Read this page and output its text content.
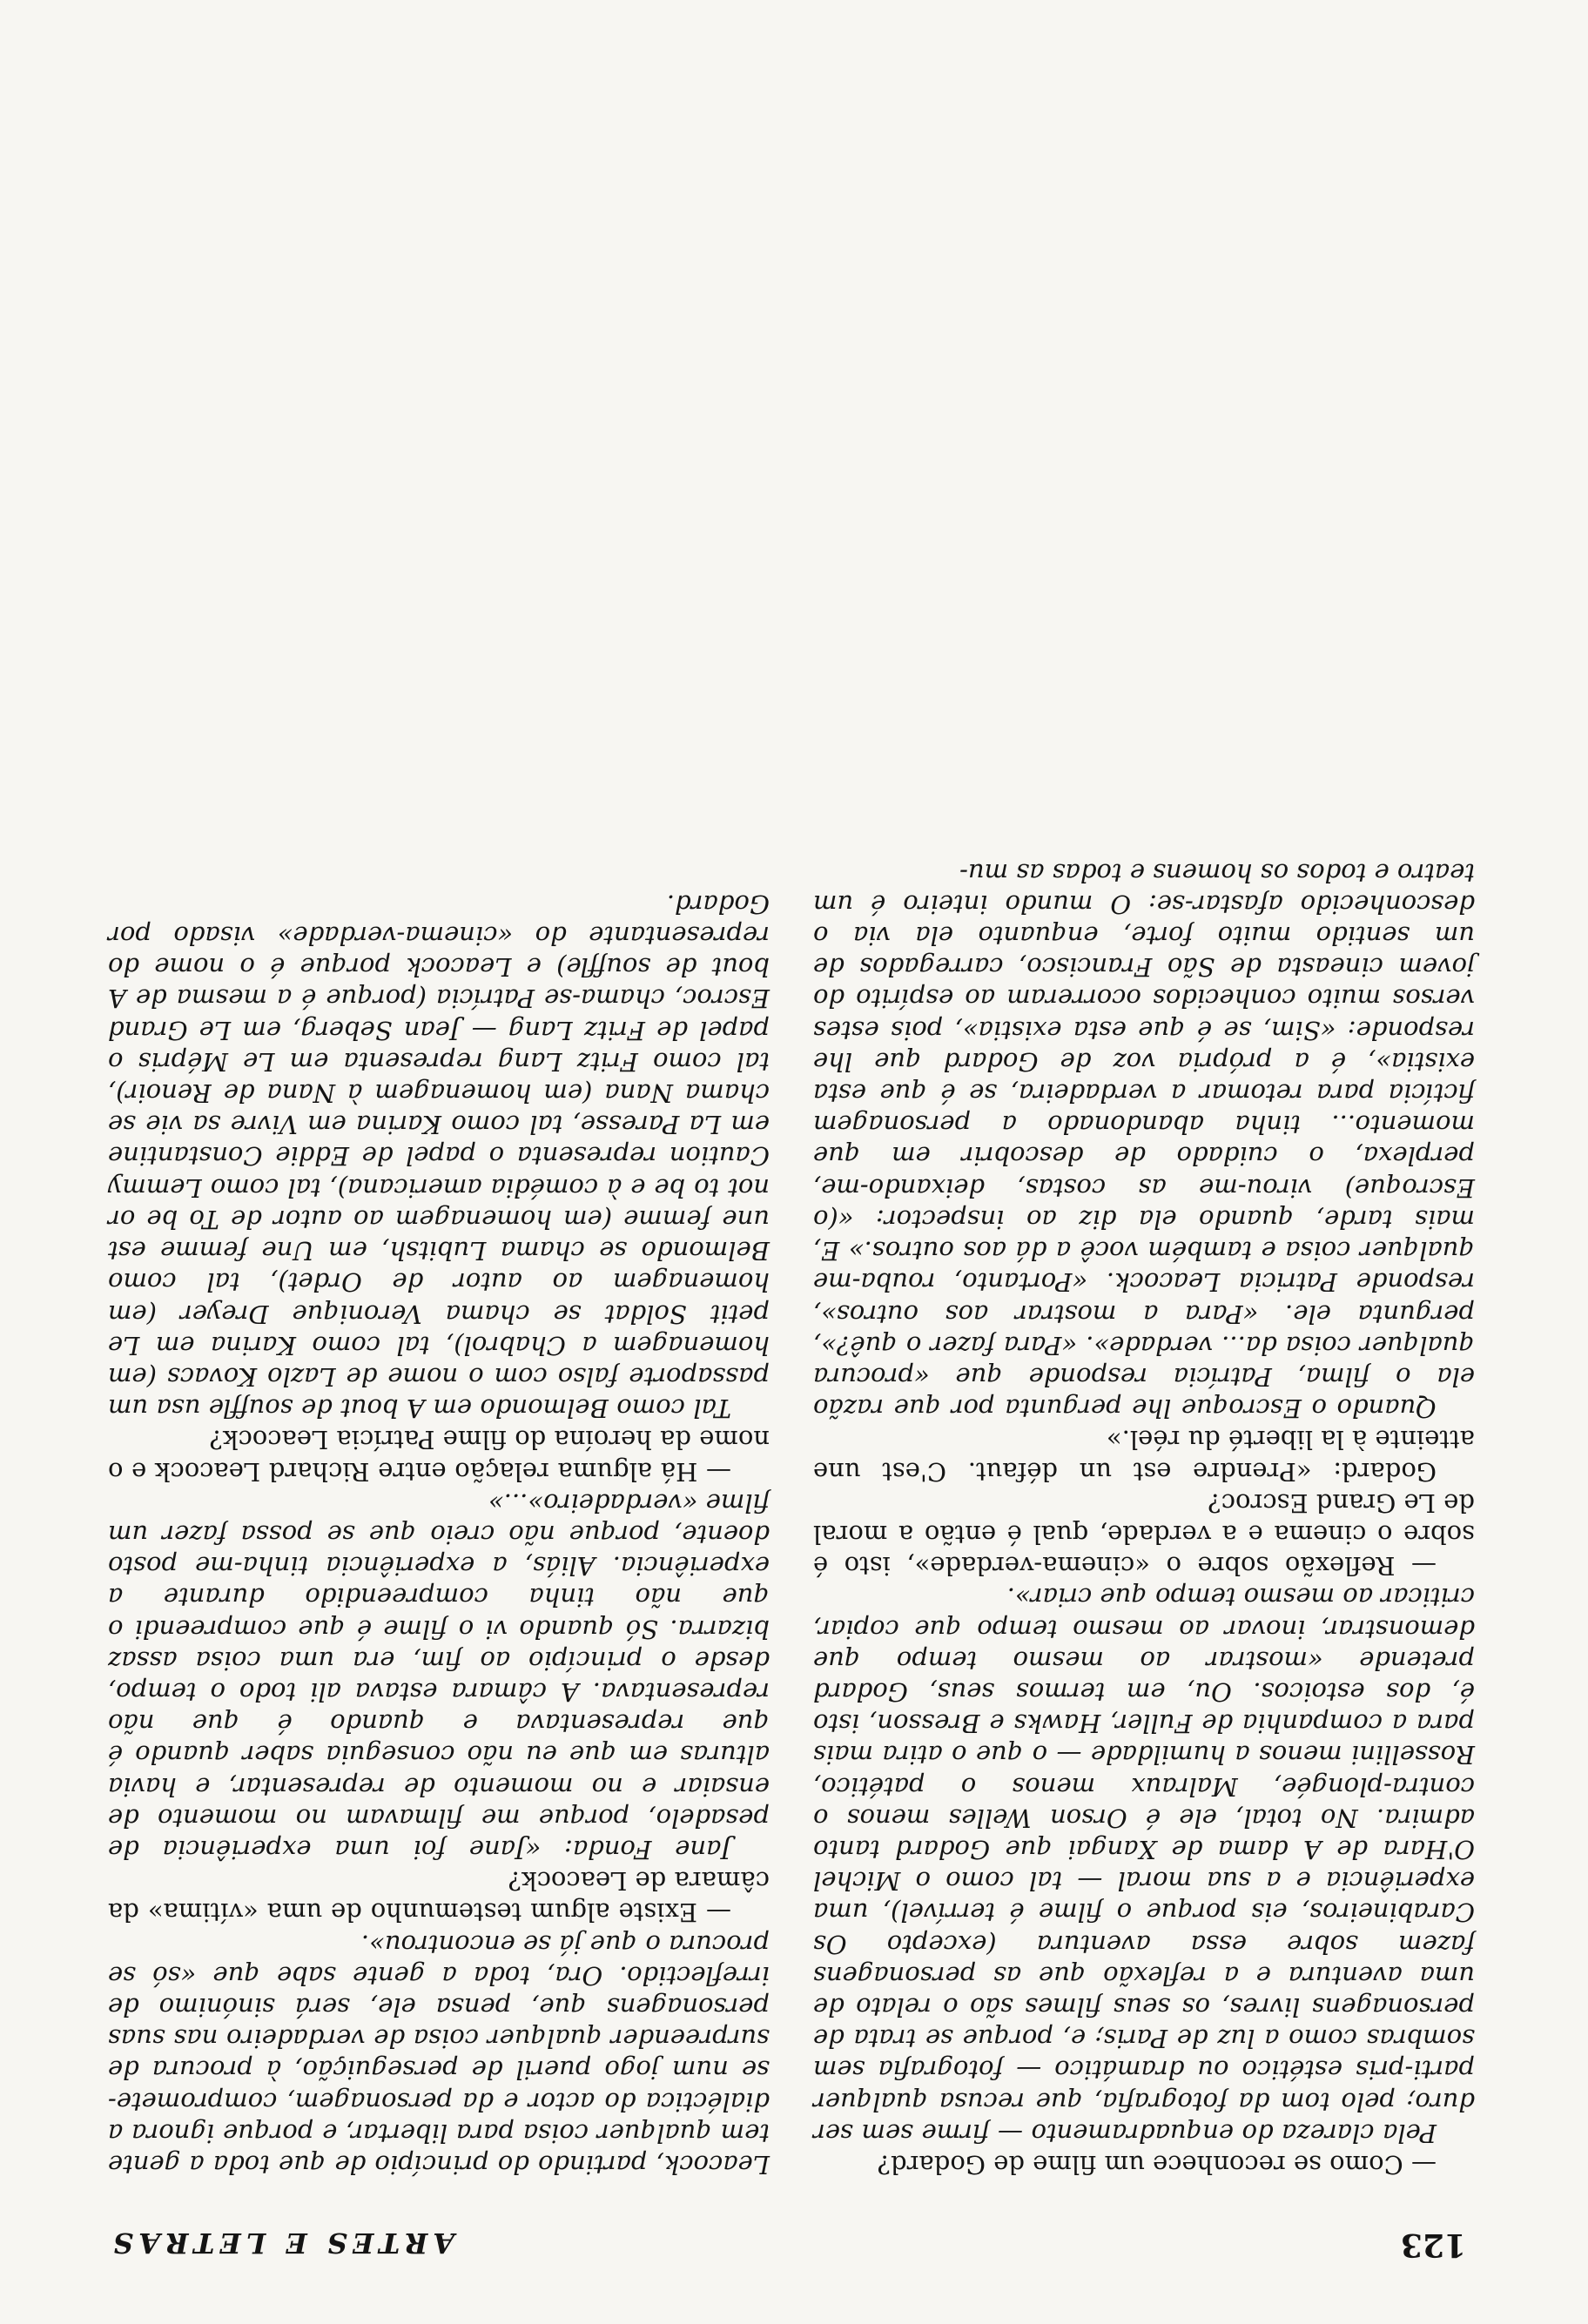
123
ARTES E LETRAS

— Como se reconhece um filme de Godard?

Pela clareza do enquadramento — firme sem ser duro; pelo tom da fotografia, que recusa qualquer parti-pris estético ou dramático — fotografia sem sombras como a luz de Paris; e, porque se trata de personagens livres, os seus filmes são o relato de uma aventura e a reflexão que as personagens fazem sobre essa aventura (excepto Os Carabineiros, eis porque o filme é terrível), uma experiência e a sua moral — tal como o Michel O'Hara de A dama de Xangai que Godard tanto admira. No total, ele é Orson Welles menos o contra-plongée, Malraux menos o patético, Rossellini menos a humildade — o que o atira mais para a companhia de Fuller, Hawks e Bresson, isto é, dos estoicos. Ou, em termos seus, Godard pretende «mostrar ao mesmo tempo que demonstrar, inovar ao mesmo tempo que copiar, criticar ao mesmo tempo que criar».

— Reflexão sobre o «cinema-verdade», isto é sobre o cinema e a verdade, qual é então a moral de Le Grand Escroc?

Godard: «Prendre est un défaut. C'est une atteinte à la liberté du réel.»

Quando o Escroque lhe pergunta por que razão ela o filma, Patrícia responde que «procura qualquer coisa da... verdade». «Para fazer o quê?», pergunta ele. «Para a mostrar aos outros», responde Patricia Leacock. «Portanto, rouba-me qualquer coisa e também você a dá aos outros.» E, mais tarde, quando ela diz ao inspector: «(o Escroque) virou-me as costas, deixando-me, perplexa, o cuidado de descobrir em que momento... tinha abandonado a personagem fictícia para retomar a verdadeira, se é que esta existia», é a própria voz de Godard que lhe responde: «Sim, se é que esta existia», pois estes versos muito conhecidos ocorreram ao espírito do jovem cineasta de São Francisco, carregados de um sentido muito forte, enquanto ela via o desconhecido afastar-se: O mundo inteiro é um teatro e todos os homens e todas as mu-

Leacock, partindo do princípio de que toda a gente tem qualquer coisa para libertar, e porque ignora a dialéctica do actor e da personagem, compromete-se num jogo pueril de perseguição, à procura de surpreender qualquer coisa de verdadeiro nas suas personagens que, pensa ele, será sinónimo de irreflectido. Ora, toda a gente sabe que «só se procura o que já se encontrou».

— Existe algum testemunho de uma «vítima» da câmara de Leacock?

Jane Fonda: «Jane foi uma experiência de pesadelo, porque me filmavam no momento de ensaiar e no momento de representar, e havia alturas em que eu não conseguia saber quando é que representava e quando é que não representava. A câmara estava ali todo o tempo, desde o princípio ao fim, era uma coisa assaz bizarra. Só quando vi o filme é que compreendi o que não tinha compreendido durante a experiência. Aliás, a experiência tinha-me posto doente, porque não creio que se possa fazer um filme «verdadeiro»...»

— Há alguma relação entre Richard Leacock e o nome da heroína do filme Patrícia Leacock?

Tal como Belmondo em A bout de souffle usa um passaporte falso com o nome de Lazlo Kovacs (em homenagem a Chabrol), tal como Karina em Le petit Soldat se chama Veronique Dreyer (em homenagem ao autor de Ordet), tal como Belmondo se chama Lubitsh, em Une femme est une femme (em homenagem ao autor de To be or not to be e à comédia americana), tal como Lemmy Caution representa o papel de Eddie Constantine em La Paresse, tal como Karina em Vivre sa vie se chama Nana (em homenagem à Nana de Renoir), tal como Fritz Lang representa em Le Mépris o papel de Fritz Lang — Jean Seberg, em Le Grand Escroc, chama-se Patrícia (porque é a mesma de A bout de souffle) e Leacock porque é o nome do representante do «cinema-verdade» visado por Godard.
